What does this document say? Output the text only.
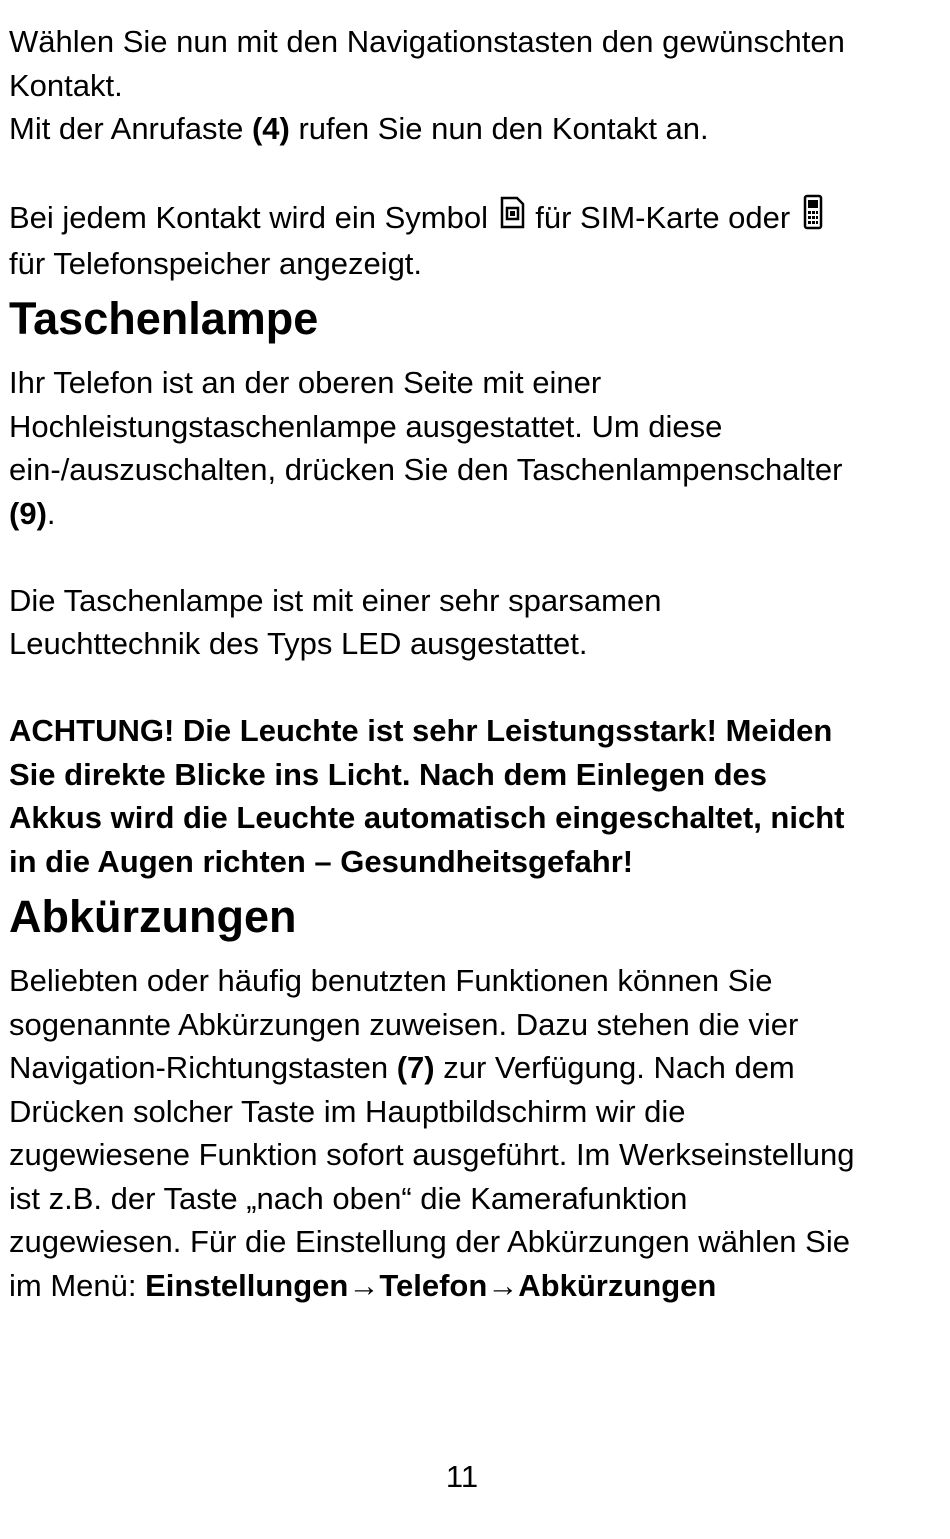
Wählen Sie nun mit den Navigationstasten den gewünschten

Kontakt.

Mit der Anrufaste (4) rufen Sie nun den Kontakt an.

Bei jedem Kontakt wird ein Symbol  für SIM-Karte oder

für Telefonspeicher angezeigt.

Taschenlampe

Ihr Telefon ist an der oberen Seite mit einer

Hochleistungstaschenlampe ausgestattet. Um diese

ein-/auszuschalten, drücken Sie den Taschenlampenschalter

(9).

Die Taschenlampe ist mit einer sehr sparsamen

Leuchttechnik des Typs LED ausgestattet.

ACHTUNG! Die Leuchte ist sehr Leistungsstark! Meiden

Sie direkte Blicke ins Licht. Nach dem Einlegen des

Akkus wird die Leuchte automatisch eingeschaltet, nicht

in die Augen richten – Gesundheitsgefahr!

Abkürzungen

Beliebten oder häufig benutzten Funktionen können Sie

sogenannte Abkürzungen zuweisen. Dazu stehen die vier

Navigation-Richtungstasten (7) zur Verfügung. Nach dem

Drücken solcher Taste im Hauptbildschirm wir die

zugewiesene Funktion sofort ausgeführt. Im Werkseinstellung

ist z.B. der Taste „nach oben“ die Kamerafunktion

zugewiesen. Für die Einstellung der Abkürzungen wählen Sie

im Menü: Einstellungen→Telefon→Abkürzungen

11
